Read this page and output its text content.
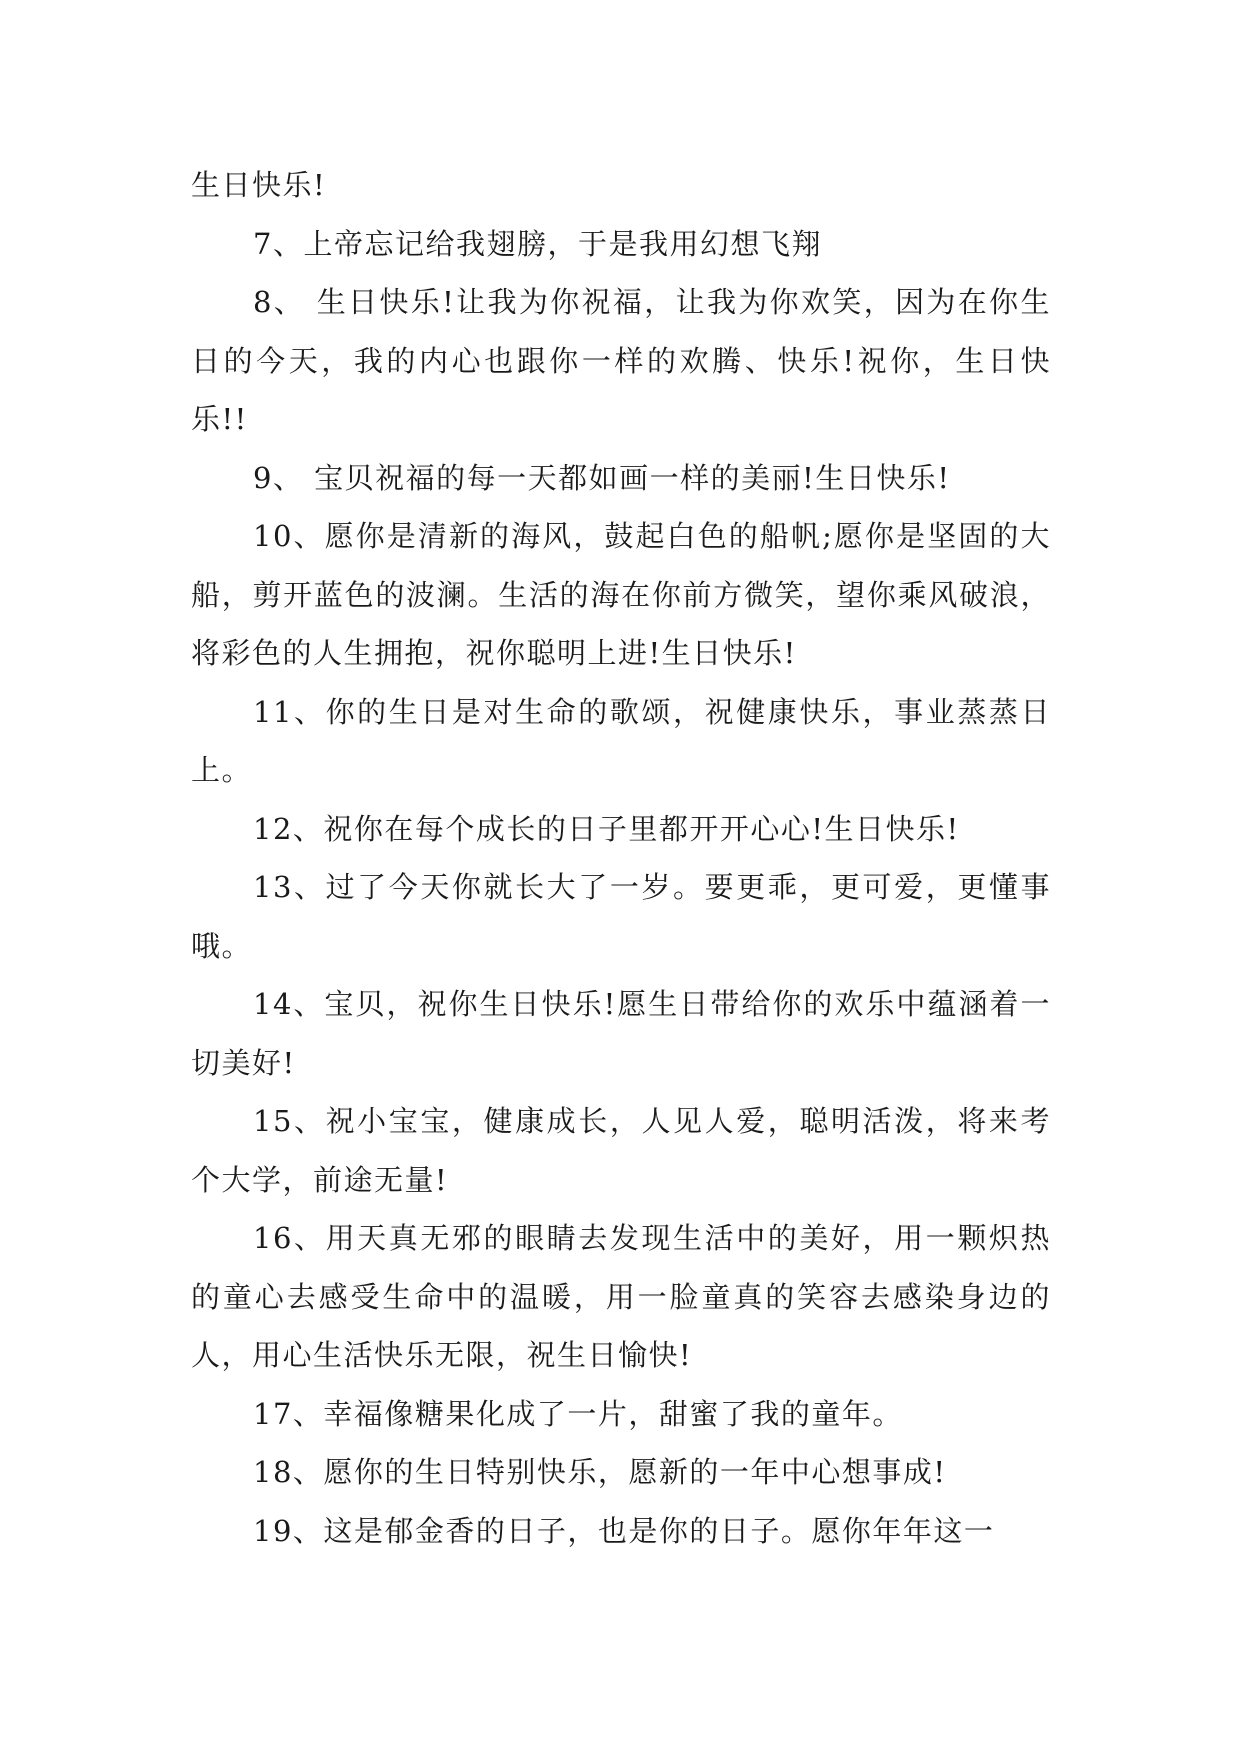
生日快乐!

7、上帝忘记给我翅膀，于是我用幻想飞翔

8、 生日快乐!让我为你祝福，让我为你欢笑，因为在你生日的今天，我的内心也跟你一样的欢腾、快乐!祝你，生日快乐!!

9、 宝贝祝福的每一天都如画一样的美丽!生日快乐!

10、愿你是清新的海风，鼓起白色的船帆;愿你是坚固的大船，剪开蓝色的波澜。生活的海在你前方微笑，望你乘风破浪，将彩色的人生拥抱，祝你聪明上进!生日快乐!

11、你的生日是对生命的歌颂，祝健康快乐，事业蒸蒸日上。

12、祝你在每个成长的日子里都开开心心!生日快乐!

13、过了今天你就长大了一岁。要更乖，更可爱，更懂事哦。

14、宝贝，祝你生日快乐!愿生日带给你的欢乐中蕴涵着一切美好!

15、祝小宝宝，健康成长，人见人爱，聪明活泼，将来考个大学，前途无量!

16、用天真无邪的眼睛去发现生活中的美好，用一颗炽热的童心去感受生命中的温暖，用一脸童真的笑容去感染身边的人，用心生活快乐无限，祝生日愉快!

17、幸福像糖果化成了一片，甜蜜了我的童年。

18、愿你的生日特别快乐，愿新的一年中心想事成!

19、这是郁金香的日子，也是你的日子。愿你年年这一
